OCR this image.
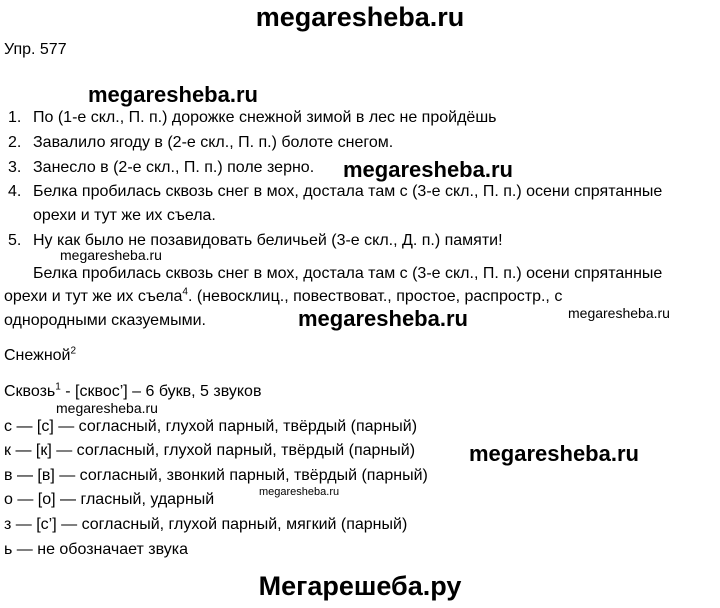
megaresheba.ru
Упр. 577
megaresheba.ru
1. По (1-е скл., П. п.) дорожке снежной зимой в лес не пройдёшь
2. Завалило ягоду в (2-е скл., П. п.) болоте снегом.
3. Занесло в (2-е скл., П. п.) поле зерно.
4. Белка пробилась сквозь снег в мох, достала там с (3-е скл., П. п.) осени спрятанные
орехи и тут же их съела.
5. Ну как было не позавидовать беличьей (3-е скл., Д. п.) памяти!
megaresheba.ru
megaresheba.ru
Белка пробилась сквозь снег в мох, достала там с (3-е скл., П. п.) осени спрятанные
орехи и тут же их съела$^4$. (невосклиц., повествоват., простое, распростр., с
однородными сказуемыми.	megaresheba.ru	megaresheba.ru
Снежной$^2$
Сквозь$^1$ - [сквос’] – 6 букв, 5 звуков
megaresheba.ru
с — [с] — согласный, глухой парный, твёрдый (парный)
к — [к] — согласный, глухой парный, твёрдый (парный)
в — [в] — согласный, звонкий парный, твёрдый (парный)
о — [о] — гласный, ударный
з — [с’] — согласный, глухой парный, мягкий (парный)
ь — не обозначает звука
megaresheba.ru
megaresheba.ru
Мегарешеба.ру
